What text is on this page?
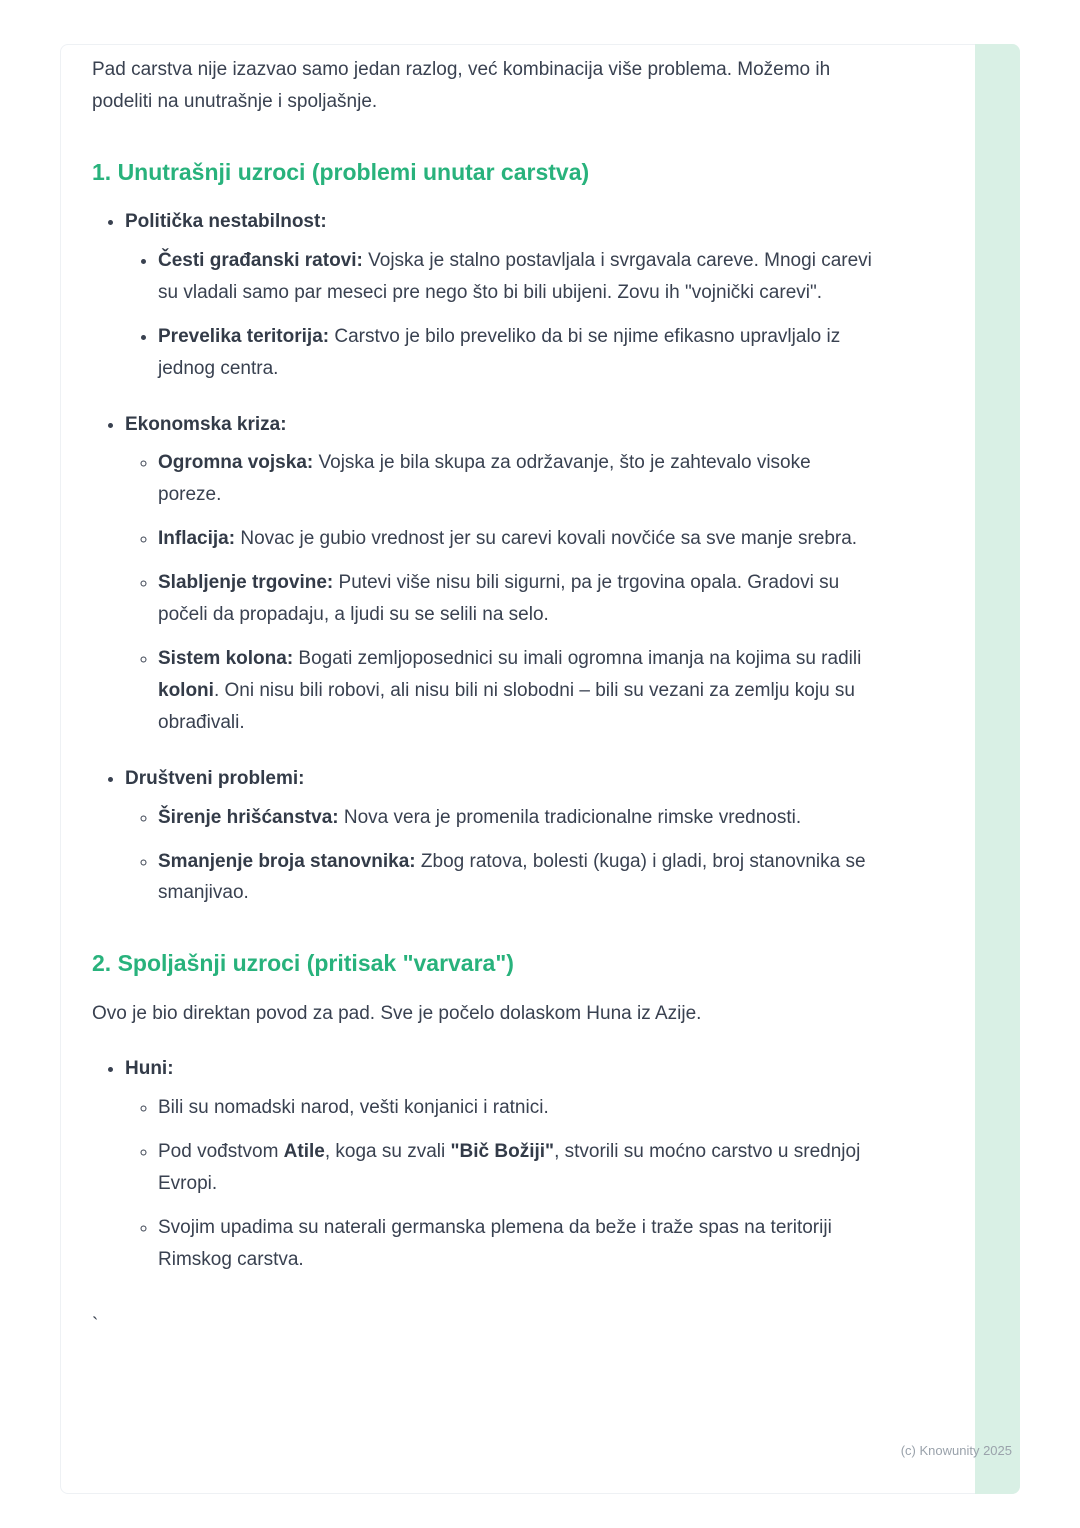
Pad carstva nije izazvao samo jedan razlog, već kombinacija više problema. Možemo ih podeliti na unutrašnje i spoljašnje.

1. Unutrašnji uzroci (problemi unutar carstva)
• Politička nestabilnost:
• Česti građanski ratovi: Vojska je stalno postavljala i svrgavala careve. Mnogi carevi su vladali samo par meseci pre nego što bi bili ubijeni. Zovu ih "vojnički carevi".
• Prevelika teritorija: Carstvo je bilo preveliko da bi se njime efikasno upravljalo iz jednog centra.
• Ekonomska kriza:
◦ Ogromna vojska: Vojska je bila skupa za održavanje, što je zahtevalo visoke poreze.
◦ Inflacija: Novac je gubio vrednost jer su carevi kovali novčiće sa sve manje srebra.
◦ Slabljenje trgovine: Putevi više nisu bili sigurni, pa je trgovina opala. Gradovi su počeli da propadaju, a ljudi su se selili na selo.
◦ Sistem kolona: Bogati zemljoposednici su imali ogromna imanja na kojima su radili koloni. Oni nisu bili robovi, ali nisu bili ni slobodni – bili su vezani za zemlju koju su obrađivali.
• Društveni problemi:
◦ Širenje hrišćanstva: Nova vera je promenila tradicionalne rimske vrednosti.
◦ Smanjenje broja stanovnika: Zbog ratova, bolesti (kuga) i gladi, broj stanovnika se smanjivao.
2. Spoljašnji uzroci (pritisak "varvara")

Ovo je bio direktan povod za pad. Sve je počelo dolaskom Huna iz Azije.

• Huni:
◦ Bili su nomadski narod, vešti konjanici i ratnici.
◦ Pod vođstvom Atile, koga su zvali "Bič Božiji", stvorili su moćno carstvo u srednjoj Evropi.
◦ Svojim upadima su naterali germanska plemena da beže i traže spas na teritoriji Rimskog carstva.

`

(c) Knowunity 2025
